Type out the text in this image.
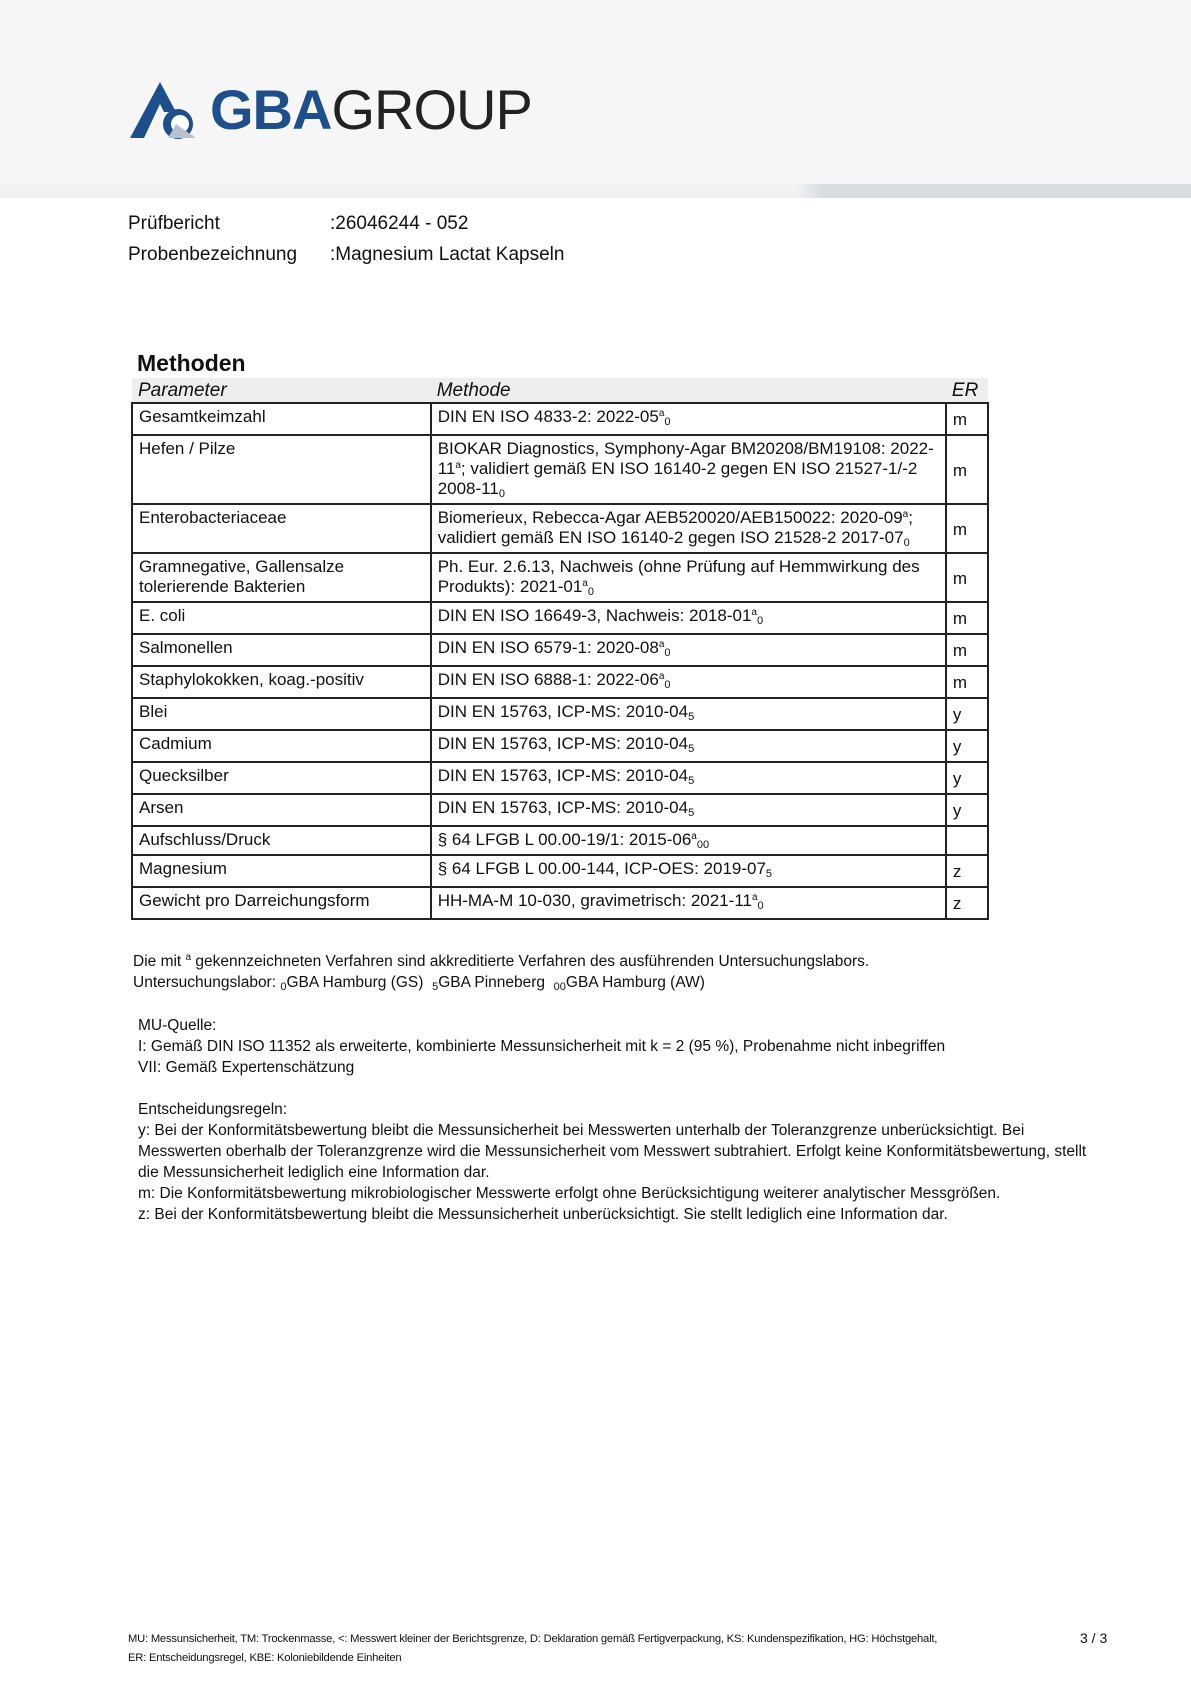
GBAGROUP
Prüfbericht	:26046244 - 052
Probenbezeichnung	:Magnesium Lactat Kapseln
Methoden
Parameter	Methode	ER
Gesamtkeimzahl	DIN EN ISO 4833-2: $2022-05^a_0$	m
Hefen / Pilze	BIOKAR Diagnostics, Symphony-Agar BM20208/BM19108: 2022-11$^a$; validiert gemäß EN ISO 16140-2 gegen EN ISO 21527-1/-2 $2008-11_0$	m
Enterobacteriaceae	Biomerieux, Rebecca-Agar AEB520020/AEB150022: 2020-09$^a$; validiert gemäß EN ISO 16140-2 gegen ISO 21528-2 $2017-07_0$	m
Gramnegative, Gallensalze tolerierende Bakterien	Ph. Eur. 2.6.13, Nachweis (ohne Prüfung auf Hemmwirkung des Produkts): $2021-01^a_0$	m
E. coli	DIN EN ISO 16649-3, Nachweis: $2018-01^a_0$	m
Salmonellen	DIN EN ISO 6579-1: $2020-08^a_0$	m
Staphylokokken, koag.-positiv	DIN EN ISO 6888-1: $2022-06^a_0$	m
Blei	DIN EN 15763, ICP-MS: $2010-04_5$	y
Cadmium	DIN EN 15763, ICP-MS: $2010-04_5$	y
Quecksilber	DIN EN 15763, ICP-MS: $2010-04_5$	y
Arsen	DIN EN 15763, ICP-MS: $2010-04_5$	y
Aufschluss/Druck	§ 64 LFGB L 00.00-19/1: $2015-06^a_{00}$	
Magnesium	§ 64 LFGB L 00.00-144, ICP-OES: $2019-07_5$	z
Gewicht pro Darreichungsform	HH-MA-M 10-030, gravimetrisch: $2021-11^a_0$	z

Die mit $^a$ gekennzeichneten Verfahren sind akkreditierte Verfahren des ausführenden Untersuchungslabors.

Untersuchungslabor: $_0$GBA Hamburg (GS) $_5$GBA Pinneberg $_{00}$GBA Hamburg (AW)

MU-Quelle:

I: Gemäß DIN ISO 11352 als erweiterte, kombinierte Messunsicherheit mit k = 2 (95 %), Probenahme nicht inbegriffen

VII: Gemäß Expertenschätzung

Entscheidungsregeln:

y: Bei der Konformitätsbewertung bleibt die Messunsicherheit bei Messwerten unterhalb der Toleranzgrenze unberücksichtigt. Bei Messwerten oberhalb der Toleranzgrenze wird die Messunsicherheit vom Messwert subtrahiert. Erfolgt keine Konformitätsbewertung, stellt die Messunsicherheit lediglich eine Information dar.

m: Die Konformitätsbewertung mikrobiologischer Messwerte erfolgt ohne Berücksichtigung weiterer analytischer Messgrößen.

z: Bei der Konformitätsbewertung bleibt die Messunsicherheit unberücksichtigt. Sie stellt lediglich eine Information dar.

MU: Messunsicherheit, TM: Trockenmasse, <: Messwert kleiner der Berichtsgrenze, D: Deklaration gemäß Fertigverpackung, KS: Kundenspezifikation, HG: Höchstgehalt,

ER: Entscheidungsregel, KBE: Koloniebildende Einheiten

3 / 3
